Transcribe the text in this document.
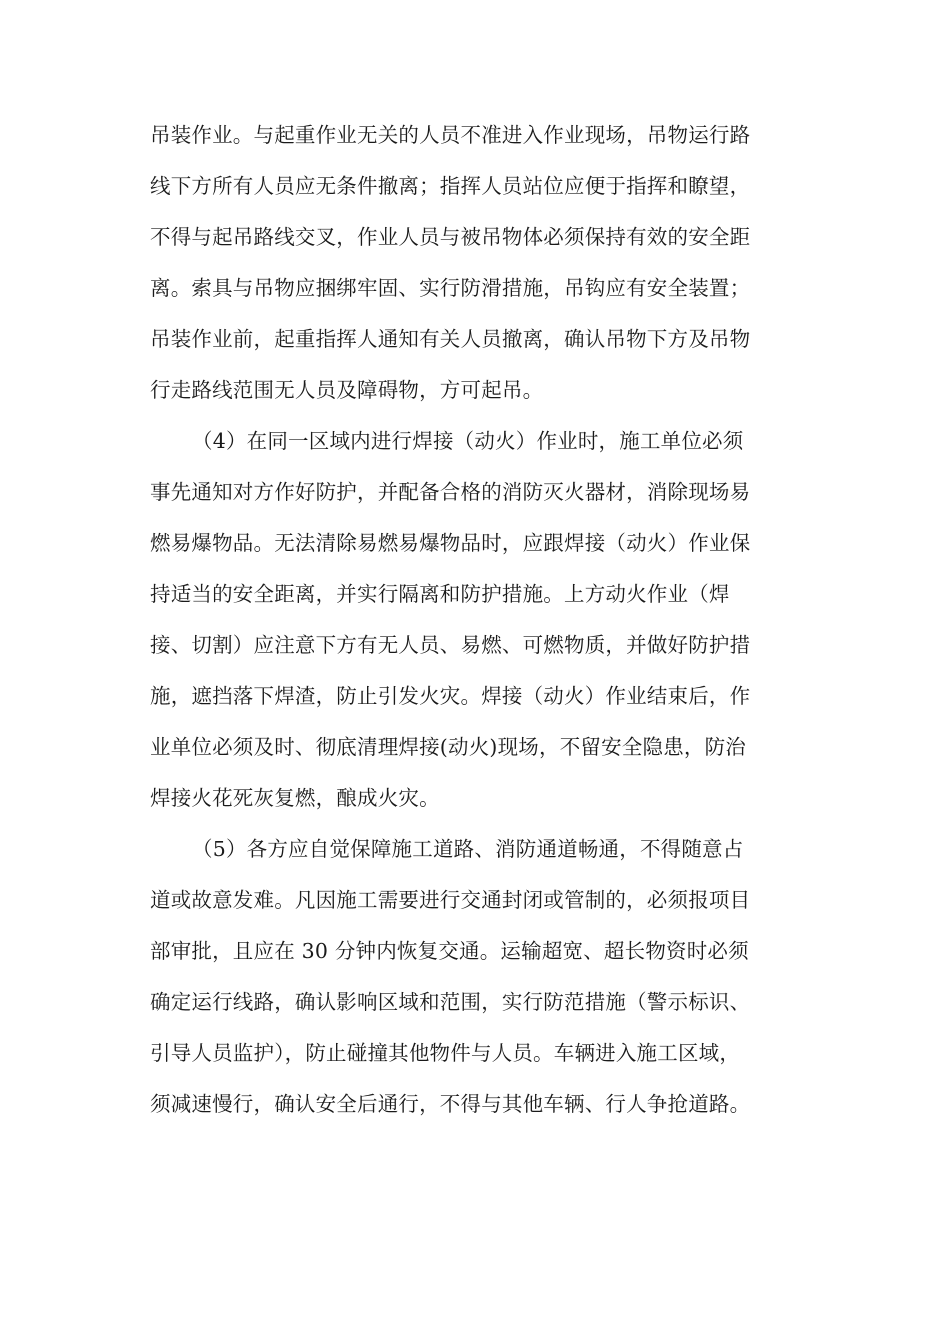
吊装作业。与起重作业无关的人员不准进入作业现场，吊物运行路
线下方所有人员应无条件撤离；指挥人员站位应便于指挥和瞭望，
不得与起吊路线交叉，作业人员与被吊物体必须保持有效的安全距
离。索具与吊物应捆绑牢固、实行防滑措施，吊钩应有安全装置；
吊装作业前，起重指挥人通知有关人员撤离，确认吊物下方及吊物
行走路线范围无人员及障碍物，方可起吊。
（4）在同一区域内进行焊接（动火）作业时，施工单位必须
事先通知对方作好防护，并配备合格的消防灭火器材，消除现场易
燃易爆物品。无法清除易燃易爆物品时，应跟焊接（动火）作业保
持适当的安全距离，并实行隔离和防护措施。上方动火作业（焊
接、切割）应注意下方有无人员、易燃、可燃物质，并做好防护措
施，遮挡落下焊渣，防止引发火灾。焊接（动火）作业结束后，作
业单位必须及时、彻底清理焊接(动火)现场，不留安全隐患，防治
焊接火花死灰复燃，酿成火灾。
（5）各方应自觉保障施工道路、消防通道畅通，不得随意占
道或故意发难。凡因施工需要进行交通封闭或管制的，必须报项目
部审批，且应在 30 分钟内恢复交通。运输超宽、超长物资时必须
确定运行线路，确认影响区域和范围，实行防范措施（警示标识、
引导人员监护），防止碰撞其他物件与人员。车辆进入施工区域，
须减速慢行，确认安全后通行，不得与其他车辆、行人争抢道路。
